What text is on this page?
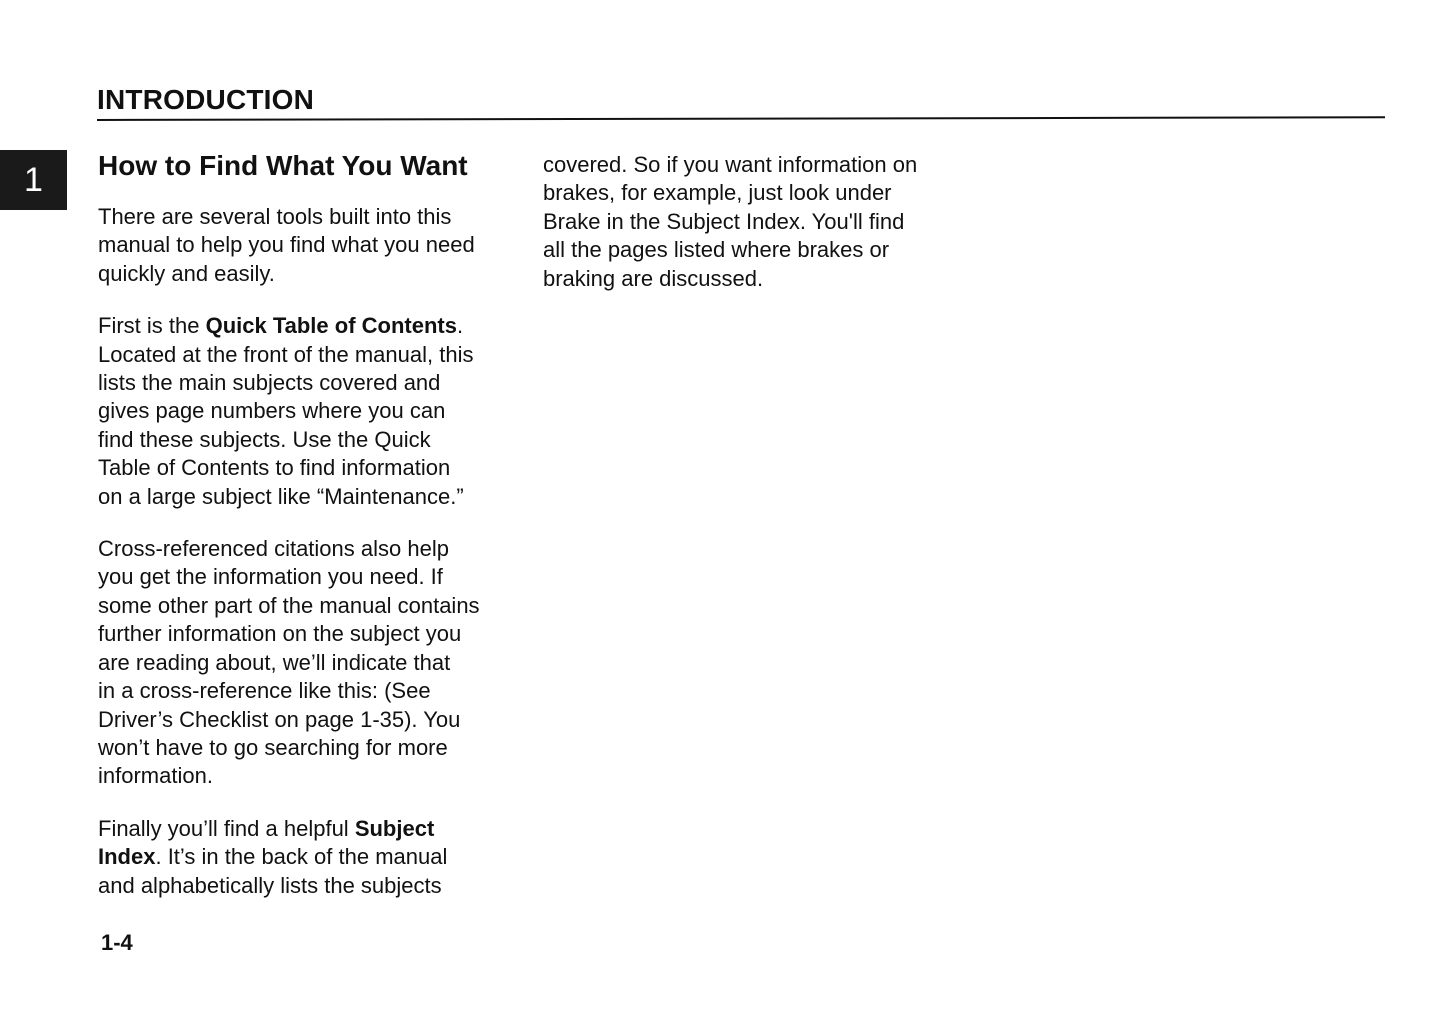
INTRODUCTION
1	How to Find What You Want

There are several tools built into this
manual to help you find what you need
quickly and easily.

First is the Quick Table of Contents.
Located at the front of the manual, this
lists the main subjects covered and
gives page numbers where you can
find these subjects. Use the Quick
Table of Contents to find information
on a large subject like “Maintenance.”

Cross-referenced citations also help
you get the information you need. If
some other part of the manual contains
further information on the subject you
are reading about, we’ll indicate that
in a cross-reference like this: (See
Driver’s Checklist on page 1-35). You
won’t have to go searching for more
information.

Finally you’ll find a helpful Subject
Index. It’s in the back of the manual
and alphabetically lists the subjects

covered. So if you want information on
brakes, for example, just look under
Brake in the Subject Index. You'll find
all the pages listed where brakes or
braking are discussed.

1-4
